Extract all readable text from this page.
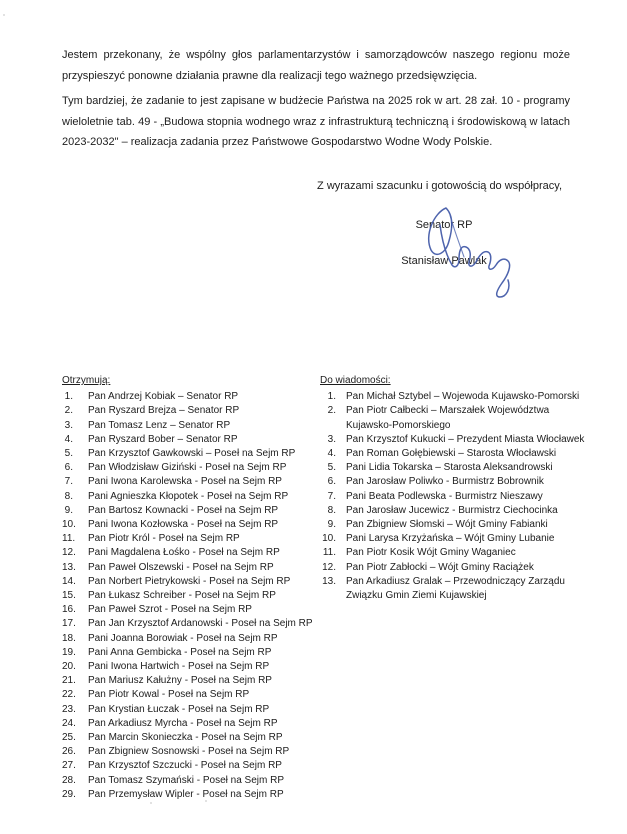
Jestem przekonany, że wspólny głos parlamentarzystów i samorządowców naszego regionu może przyspieszyć ponowne działania prawne dla realizacji tego ważnego przedsięwzięcia.

Tym bardziej, że zadanie to jest zapisane w budżecie Państwa na 2025 rok w art. 28 zał. 10 - programy wieloletnie tab. 49 - „Budowa stopnia wodnego wraz z infrastrukturą techniczną i środowiskową w latach 2023-2032" – realizacja zadania przez Państwowe Gospodarstwo Wodne Wody Polskie.

Z wyrazami szacunku i gotowością do współpracy,
Senator RP
Stanisław Pawlak
Otrzymują:
1. Pan Andrzej Kobiak – Senator RP
2. Pan Ryszard Brejza – Senator RP
3. Pan Tomasz Lenz – Senator RP
4. Pan Ryszard Bober – Senator RP
5. Pan Krzysztof Gawkowski – Poseł na Sejm RP
6. Pan Włodzisław Giziński - Poseł na Sejm RP
7. Pani Iwona Karolewska - Poseł na Sejm RP
8. Pani Agnieszka Kłopotek - Poseł na Sejm RP
9. Pan Bartosz Kownacki - Poseł na Sejm RP
10. Pani Iwona Kozłowska - Poseł na Sejm RP
11. Pan Piotr Król - Poseł na Sejm RP
12. Pani Magdalena Łośko - Poseł na Sejm RP
13. Pan Paweł Olszewski - Poseł na Sejm RP
14. Pan Norbert Pietrykowski - Poseł na Sejm RP
15. Pan Łukasz Schreiber - Poseł na Sejm RP
16. Pan Paweł Szrot - Poseł na Sejm RP
17. Pan Jan Krzysztof Ardanowski - Poseł na Sejm RP
18. Pani Joanna Borowiak - Poseł na Sejm RP
19. Pani Anna Gembicka - Poseł na Sejm RP
20. Pani Iwona Hartwich - Poseł na Sejm RP
21. Pan Mariusz Kałużny - Poseł na Sejm RP
22. Pan Piotr Kowal - Poseł na Sejm RP
23. Pan Krystian Łuczak - Poseł na Sejm RP
24. Pan Arkadiusz Myrcha - Poseł na Sejm RP
25. Pan Marcin Skonieczka - Poseł na Sejm RP
26. Pan Zbigniew Sosnowski - Poseł na Sejm RP
27. Pan Krzysztof Szczucki - Poseł na Sejm RP
28. Pan Tomasz Szymański - Poseł na Sejm RP
29. Pan Przemysław Wipler - Poseł na Sejm RP
Do wiadomości:
1. Pan Michał Sztybel – Wojewoda Kujawsko-Pomorski
2. Pan Piotr Całbecki – Marszałek Województwa Kujawsko-Pomorskiego
3. Pan Krzysztof Kukucki – Prezydent Miasta Włocławek
4. Pan Roman Gołębiewski – Starosta Włocławski
5. Pani Lidia Tokarska – Starosta Aleksandrowski
6. Pan Jarosław Poliwko - Burmistrz Bobrownik
7. Pani Beata Podlewska - Burmistrz Nieszawy
8. Pan Jarosław Jucewicz - Burmistrz Ciechocinka
9. Pan Zbigniew Słomski – Wójt Gminy Fabianki
10. Pani Larysa Krzyżańska – Wójt Gminy Lubanie
11. Pan Piotr Kosik Wójt Gminy Waganiec
12. Pan Piotr Zabłocki – Wójt Gminy Raciążek
13. Pan Arkadiusz Gralak – Przewodniczący Zarządu Związku Gmin Ziemi Kujawskiej
